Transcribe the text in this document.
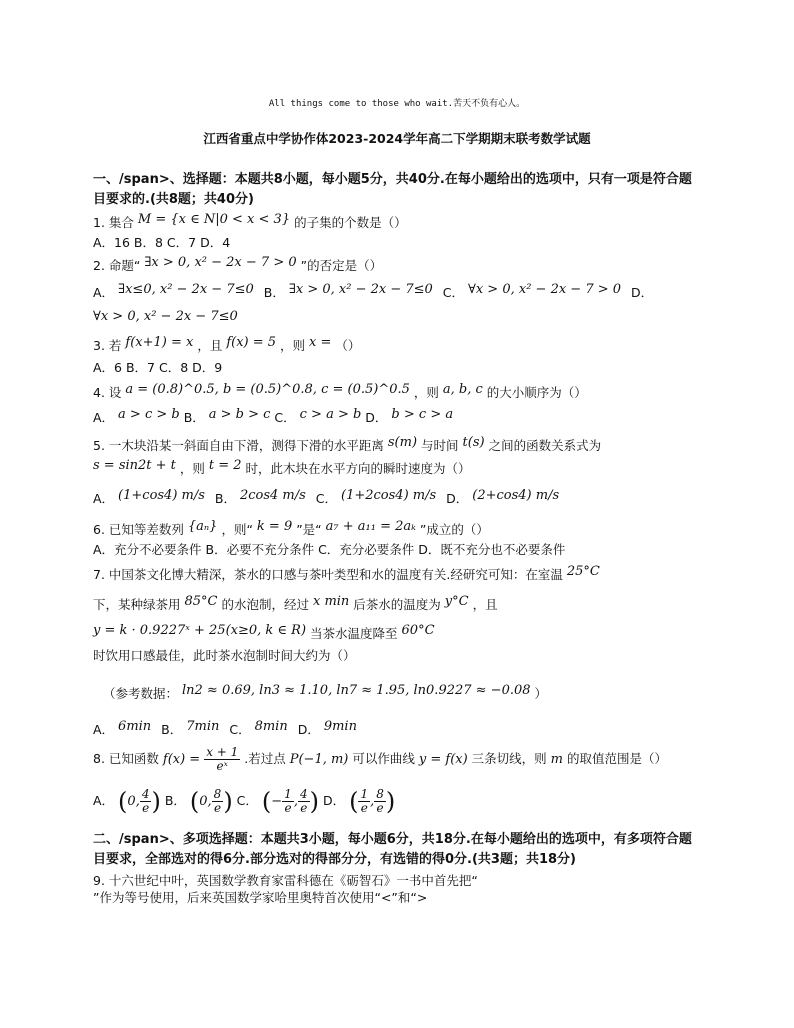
All things come to those who wait.苦天不负有心人。
江西省重点中学协作体2023-2024学年高二下学期期末联考数学试题
一、/span>、选择题：本题共8小题，每小题5分，共40分.在每小题给出的选项中，只有一项是符合题
目要求的.(共8题；共40分)
1. 集合 M = {x ∈ N|0 < x < 3} 的子集的个数是（）
A．16 B．8 C．7 D．4
2. 命题“ ∃x > 0, x² − 2x − 7 > 0 ”的否定是（）
A． ∃x≤0, x² − 2x − 7≤0 B． ∃x > 0, x² − 2x − 7≤0 C． ∀x > 0, x² − 2x − 7 > 0 D．
∀x > 0, x² − 2x − 7≤0
3. 若 f(x+1) = x ，且 f(x) = 5 ，则 x = （）
A．6 B．7 C．8 D．9
4. 设 a = (0.8)^0.5, b = (0.5)^0.8, c = (0.5)^0.5 ，则 a, b, c 的大小顺序为（）
A． a > c > b B． a > b > c C． c > a > b D． b > c > a
5. 一木块沿某一斜面自由下滑，测得下滑的水平距离 s(m) 与时间 t(s) 之间的函数关系式为
s = sin2t + t ，则 t = 2 时，此木块在水平方向的瞬时速度为（）
A． (1+cos4) m/s B． 2cos4 m/s C． (1+2cos4) m/s D． (2+cos4) m/s
6. 已知等差数列 {aₙ} ，则“ k = 9 ”是“ a₇ + a₁₁ = 2aₖ ”成立的（）
A．充分不必要条件 B．必要不充分条件 C．充分必要条件 D．既不充分也不必要条件
7. 中国茶文化博大精深，茶水的口感与茶叶类型和水的温度有关.经研究可知：在室温 25°C
下，某种绿茶用 85°C 的水泡制，经过 x min 后茶水的温度为 y°C ，且
y = k · 0.9227ˣ + 25(x≥0, k ∈ R) 当茶水温度降至 60°C
时饮用口感最佳，此时茶水泡制时间大约为（）
（参考数据： ln2 ≈ 0.69, ln3 ≈ 1.10, ln7 ≈ 1.95, ln0.9227 ≈ −0.08 ）
A． 6min B． 7min C． 8min D． 9min
8. 已知函数 $f(x) = \frac{x + 1}{\text{eˣ}}$ .若过点 P(−1, m) 可以作曲线 y = f(x) 三条切线，则 m 的取值范围是（）
A． (0, $\frac{4}{e}$ ) B． (0, $\frac{8}{e}$ ) C． (− $\frac{1}{e}$ , $\frac{4}{e}$ ) D． ( $\frac{1}{e}$ , $\frac{8}{e}$ )
二、/span>、多项选择题：本题共3小题，每小题6分，共18分.在每小题给出的选项中，有多项符合题
目要求，全部选对的得6分.部分选对的得部分分，有选错的得0分.(共3题；共18分)
9. 十六世纪中叶，英国数学教育家雷科德在《砺智石》一书中首先把“
”作为等号使用，后来英国数学家哈里奥特首次使用“<”和“>
